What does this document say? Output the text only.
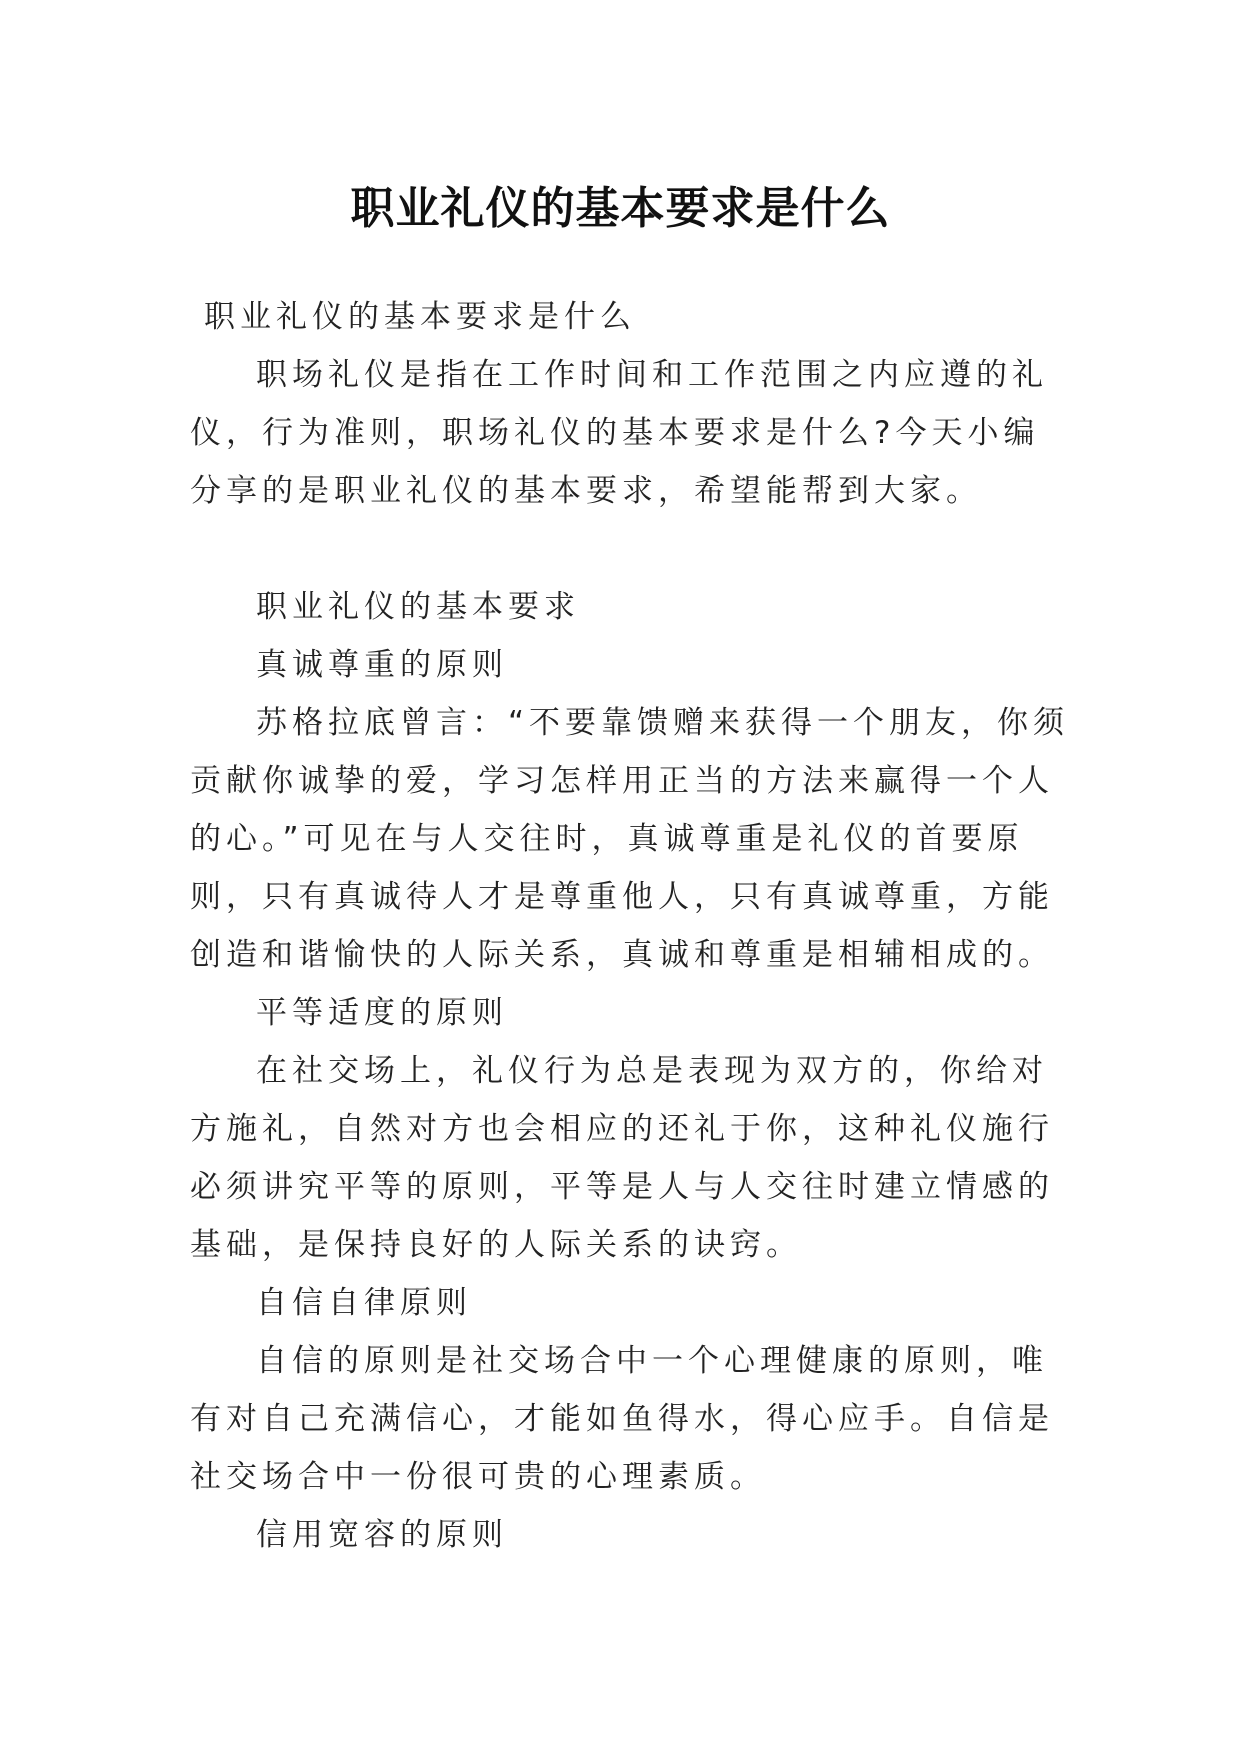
职业礼仪的基本要求是什么

职业礼仪的基本要求是什么

职场礼仪是指在工作时间和工作范围之内应遵的礼仪，行为准则，职场礼仪的基本要求是什么?今天小编分享的是职业礼仪的基本要求，希望能帮到大家。

职业礼仪的基本要求

真诚尊重的原则

苏格拉底曾言：“不要靠馈赠来获得一个朋友，你须贡献你诚挚的爱，学习怎样用正当的方法来赢得一个人的心。”可见在与人交往时，真诚尊重是礼仪的首要原则，只有真诚待人才是尊重他人，只有真诚尊重，方能创造和谐愉快的人际关系，真诚和尊重是相辅相成的。

平等适度的原则

在社交场上，礼仪行为总是表现为双方的，你给对方施礼，自然对方也会相应的还礼于你，这种礼仪施行必须讲究平等的原则，平等是人与人交往时建立情感的基础，是保持良好的人际关系的诀窍。

自信自律原则

自信的原则是社交场合中一个心理健康的原则，唯有对自己充满信心，才能如鱼得水，得心应手。自信是社交场合中一份很可贵的心理素质。

信用宽容的原则
